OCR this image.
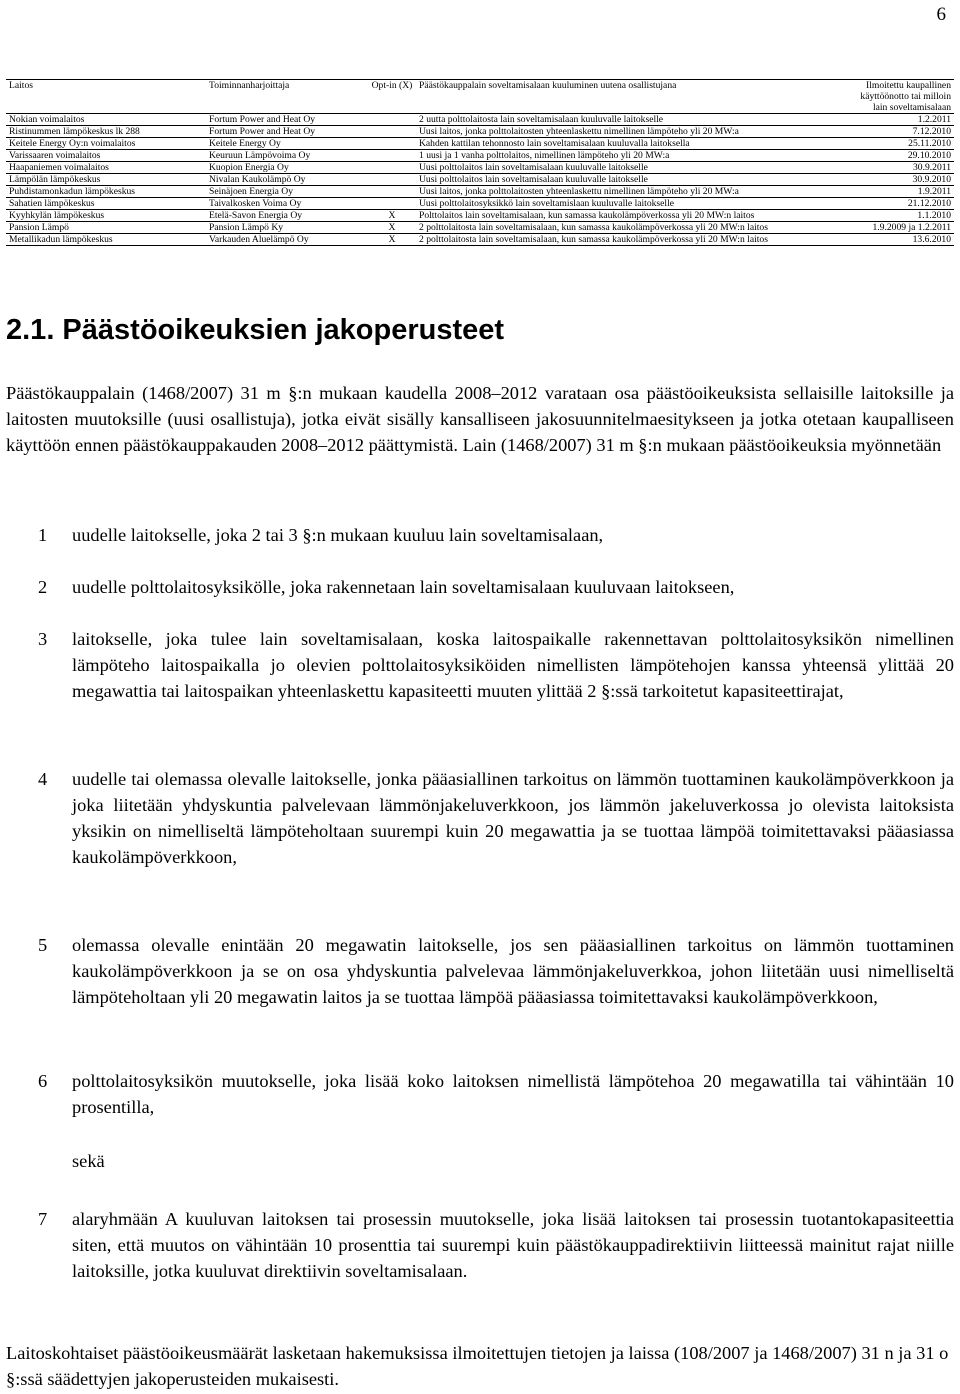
6
Laitos	Toiminnanharjoittaja	Opt-in (X)	Päästökauppalain soveltamisalaan kuuluminen uutena osallistujana	Ilmoitettu kaupallinen käyttöönotto tai milloin lain soveltamisalaan
Nokian voimalaitos	Fortum Power and Heat Oy		2 uutta polttolaitosta lain soveltamisalaan kuuluvalle laitokselle	1.2.2011
Ristinummen lämpökeskus lk 288	Fortum Power and Heat Oy		Uusi laitos, jonka polttolaitosten yhteenlaskettu nimellinen lämpöteho yli 20 MW:a	7.12.2010
Keitele Energy Oy:n voimalaitos	Keitele Energy Oy		Kahden kattilan tehonnosto lain soveltamisalaan kuuluvalla laitoksella	25.11.2010
Varissaaren voimalaitos	Keuruun Lämpövoima Oy		1 uusi ja 1 vanha polttolaitos, nimellinen lämpöteho yli 20 MW:a	29.10.2010
Haapaniemen voimalaitos	Kuopion Energia Oy		Uusi polttolaitos lain soveltamisalaan kuuluvalle laitokselle	30.9.2011
Lämpölän lämpökeskus	Nivalan Kaukolämpö Oy		Uusi polttolaitos lain soveltamisalaan kuuluvalle laitokselle	30.9.2010
Puhdistamonkadun lämpökeskus	Seinäjoen Energia Oy		Uusi laitos, jonka polttolaitosten yhteenlaskettu nimellinen lämpöteho yli 20 MW:a	1.9.2011
Sahatien lämpökeskus	Taivalkosken Voima Oy		Uusi polttolaitosyksikkö lain soveltamislaan kuuluvalle laitokselle	21.12.2010
Kyyhkylän lämpökeskus	Etelä-Savon Energia Oy	X	Polttolaitos lain soveltamisalaan, kun samassa kaukolämpöverkossa yli 20 MW:n laitos	1.1.2010
Pansion Lämpö	Pansion Lämpö Ky	X	2 polttolaitosta lain soveltamisalaan, kun samassa kaukolämpöverkossa yli 20 MW:n laitos	1.9.2009 ja 1.2.2011
Metallikadun lämpökeskus	Varkauden Aluelämpö Oy	X	2 polttolaitosta lain soveltamisalaan, kun samassa kaukolämpöverkossa yli 20 MW:n laitos	13.6.2010
2.1. Päästöoikeuksien jakoperusteet
Päästökauppalain (1468/2007) 31 m §:n mukaan kaudella 2008–2012 varataan osa päästöoikeuksista sellaisille laitoksille ja laitosten muutoksille (uusi osallistuja), jotka eivät sisälly kansalliseen jakosuunnitelmaesitykseen ja jotka otetaan kaupalliseen käyttöön ennen päästökauppakauden 2008–2012 päättymistä. Lain (1468/2007) 31 m §:n mukaan päästöoikeuksia myönnetään
1 uudelle laitokselle, joka 2 tai 3 §:n mukaan kuuluu lain soveltamisalaan,
2 uudelle polttolaitosyksikölle, joka rakennetaan lain soveltamisalaan kuuluvaan laitokseen,
3 laitokselle, joka tulee lain soveltamisalaan, koska laitospaikalle rakennettavan polttolaitosyksikön nimellinen lämpöteho laitospaikalla jo olevien polttolaitosyksiköiden nimellisten lämpötehojen kanssa yhteensä ylittää 20 megawattia tai laitospaikan yhteenlaskettu kapasiteetti muuten ylittää 2 §:ssä tarkoitetut kapasiteettirajat,
4 uudelle tai olemassa olevalle laitokselle, jonka pääasiallinen tarkoitus on lämmön tuottaminen kaukolämpöverkkoon ja joka liitetään yhdyskuntia palvelevaan lämmönjakeluverkkoon, jos lämmön jakeluverkossa jo olevista laitoksista yksikin on nimelliseltä lämpöteholtaan suurempi kuin 20 megawattia ja se tuottaa lämpöä toimitettavaksi pääasiassa kaukolämpöverkkoon,
5 olemassa olevalle enintään 20 megawatin laitokselle, jos sen pääasiallinen tarkoitus on lämmön tuottaminen kaukolämpöverkkoon ja se on osa yhdyskuntia palvelevaa lämmönjakeluverkkoa, johon liitetään uusi nimelliseltä lämpöteholtaan yli 20 megawatin laitos ja se tuottaa lämpöä pääasiassa toimitettavaksi kaukolämpöverkkoon,
6 polttolaitosyksikön muutokselle, joka lisää koko laitoksen nimellistä lämpötehoa 20 megawatilla tai vähintään 10 prosentilla,
sekä
7 alaryhmään A kuuluvan laitoksen tai prosessin muutokselle, joka lisää laitoksen tai prosessin tuotantokapasiteettia siten, että muutos on vähintään 10 prosenttia tai suurempi kuin päästökauppadirektiivin liitteessä mainitut rajat niille laitoksille, jotka kuuluvat direktiivin soveltamisalaan.
Laitoskohtaiset päästöoikeusmäärät lasketaan hakemuksissa ilmoitettujen tietojen ja laissa (108/2007 ja 1468/2007) 31 n ja 31 o §:ssä säädettyjen jakoperusteiden mukaisesti.
